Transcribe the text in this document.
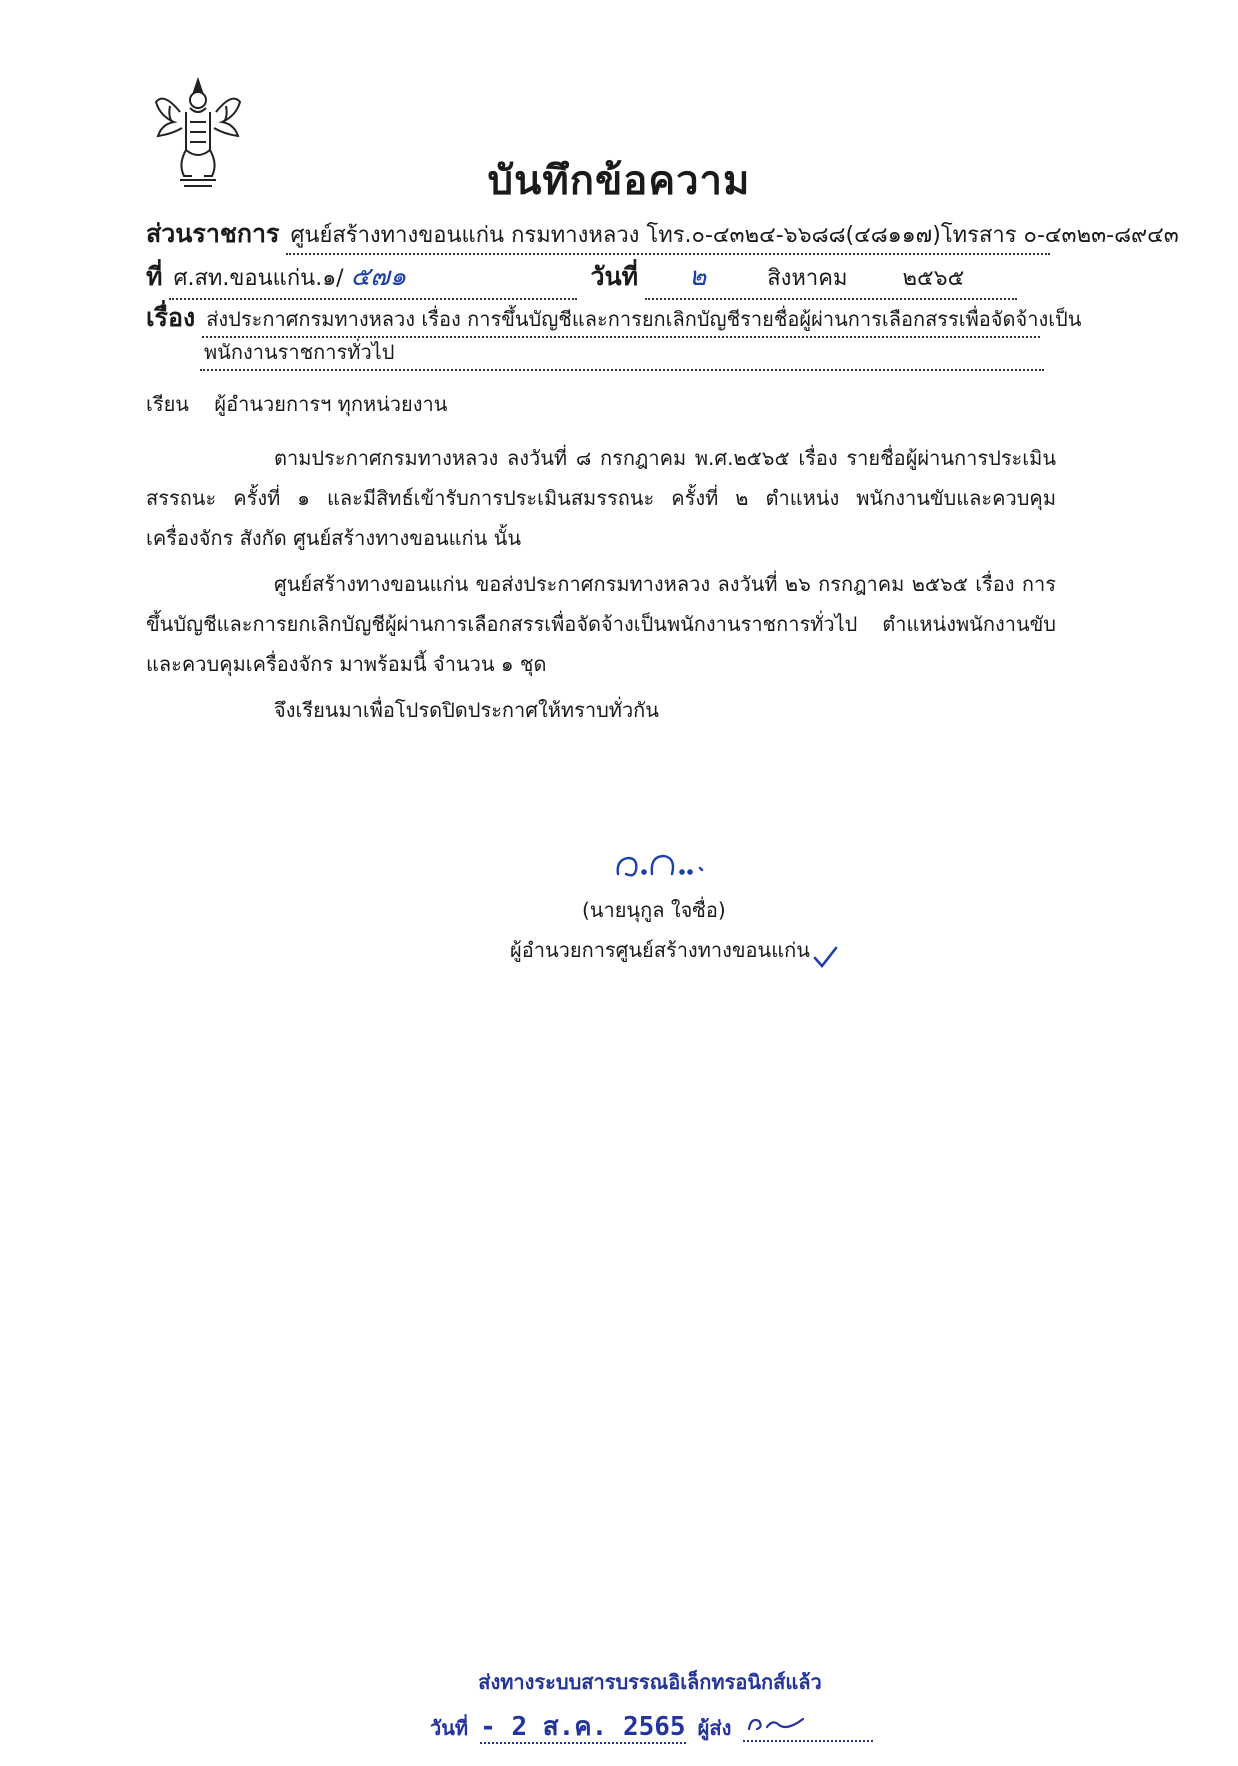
บันทึกข้อความ
ส่วนราชการ ศูนย์สร้างทางขอนแก่น กรมทางหลวง โทร.๐-๔๓๒๔-๖๖๘๘(๔๘๑๑๗)โทรสาร ๐-๔๓๒๓-๘๙๔๓
ที่ ศ.สท.ขอนแก่น.๑/ ๕๗๑	วันที่ ๒	สิงหาคม	๒๕๖๕
เรื่อง ส่งประกาศกรมทางหลวง เรื่อง การขึ้นบัญชีและการยกเลิกบัญชีรายชื่อผู้ผ่านการเลือกสรรเพื่อจัดจ้างเป็น
พนักงานราชการทั่วไป
เรียน    ผู้อำนวยการฯ ทุกหน่วยงาน
ตามประกาศกรมทางหลวง ลงวันที่ ๘ กรกฎาคม พ.ศ.๒๕๖๕ เรื่อง รายชื่อผู้ผ่านการประเมินสรรถนะ ครั้งที่ ๑ และมีสิทธ์เข้ารับการประเมินสมรรถนะ ครั้งที่ ๒ ตำแหน่ง พนักงานขับและควบคุมเครื่องจักร สังกัด ศูนย์สร้างทางขอนแก่น นั้น
ศูนย์สร้างทางขอนแก่น ขอส่งประกาศกรมทางหลวง ลงวันที่ ๒๖ กรกฎาคม ๒๕๖๕ เรื่อง การขึ้นบัญชีและการยกเลิกบัญชีผู้ผ่านการเลือกสรรเพื่อจัดจ้างเป็นพนักงานราชการทั่วไป ตำแหน่งพนักงานขับและควบคุมเครื่องจักร มาพร้อมนี้ จำนวน ๑ ชุด
จึงเรียนมาเพื่อโปรดปิดประกาศให้ทราบทั่วกัน
(นายนุกูล ใจซื่อ)
ผู้อำนวยการศูนย์สร้างทางขอนแก่น
ส่งทางระบบสารบรรณอิเล็กทรอนิกส์แล้ว
วันที่ - 2 ส.ค. 2565 ผู้ส่ง
